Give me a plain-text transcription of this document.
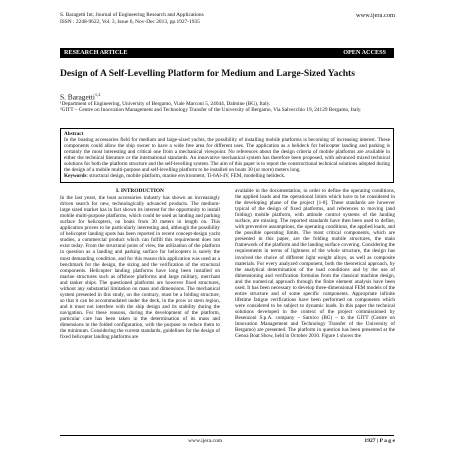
S. Baragetti Int. Journal of Engineering Research and Applications
ISSN : 2248-9622, Vol. 3, Issue 6, Nov-Dec 2013, pp.1927-1935
www.ijera.com
RESEARCH ARTICLE	OPEN ACCESS
Design of A Self-Levelling Platform for Medium and Large-Sized Yachts
S. Baragetti$^{1,2}$
¹Department of Engineering, University of Bergamo, Viale Marconi 5, 24044, Dalmine (BG), Italy.
²GITT – Centre on Innovation Management and Technology Transfer of the University of Bergamo, Via Salvecchio 19, 24129 Bergamo, Italy.
Abstract
In the boating accessories field for medium and large-sized yachts, the possibility of installing mobile platforms is becoming of increasing interest. These components could allow the ship owner to have a wide free area for different uses. The application as a helideck for helicopter landing and parking is certainly the most interesting and critical one from a mechanical viewpoint. No references about the design criteria of mobile platforms are available in either the technical literature or the international standards. An innovative mechanical system has therefore been proposed, with advanced mixed technical solutions for both the platform structure and the self-levelling system. The aim of this paper is to report the constructional technical solutions adopted during the design of a mobile multi-purpose and self-levelling platform to be installed on boats 30 (or more) meters long.
Keywords: structural design, mobile platform, marine environment, Ti-6Al-4V, FEM, modelling helideck.
I. INTRODUCTION
In the last years, the boat accessories industry has shown an increasingly driven search for new, technologically advanced products. The medium-large sized market has in fact shown its interest for the opportunity to install mobile multi-purpose platforms, which could be used as landing and parking surface for helicopters, on boats from 30 meters in length on. This application proves to be particularly interesting and, although the possibility of helicopter landing spots has been reported in recent concept-design yacht studies, a commercial product which can fulfill this requirement does not exist today. From the structural point of view, the utilization of the platform in question as a landing and parking surface for helicopters is surely the most demanding condition, and for this reason this application was used as a benchmark for the design, the sizing and the verification of the structural components. Helicopter landing platforms have long been installed on marine structures such as offshore platforms and large military, merchant and tanker ships. The questioned platforms are however fixed structures, without any substantial limitation on mass and dimensions. The mechanical system presented in this study, on the contrary, must be a folding structure, so that it can be accommodated under the deck, in the prow or stern region, and it must not interfere with the ship design and its stability during the navigation. For these reasons, during the development of the platform, particular care has been taken in the determination of its mass and dimensions in the folded configuration, with the purpose to reduce them to the minimum. Considering the current standards, guidelines for the design of fixed helicopter landing platforms are
available in the documentation, in order to define the operating conditions, the applied loads and the operational limits which have to be considered in the developing phase of the project [1-8]. These standards are however typical of the design of fixed platforms, and references to moving (and folding) mobile platform, with attitude control systems of the landing surface, are missing. The reported standards have then been used to define, with preventive assumptions, the operating conditions, the applied loads, and the possible operating limits. The most critical components, which are presented in this paper, are the folding mobile structures, the main framework of the platform and the landing surface covering. Considering the requirements in terms of lightness of the whole structure, the design has involved the choice of different light weight alloys, as well as composite materials. For every analyzed component, both the theoretical approach, by the analytical determination of the load conditions and by the use of dimensioning and verification formulas from the classical machine design, and the numerical approach through the finite element analysis have been used. It has been necessary to develop three-dimensional FEM models of the entire structure and of some specific components. Appropriate infinite lifetime fatigue verifications have been performed on components which were considered to be subject to dynamic loads. In this paper the technical solutions developed in the context of the project commissioned by Besenzoni S.p.A. company – Sarnico (BG) – to the GITT (Centre on Innovation Management and Technology Transfer of the University of Bergamo) are presented. The platform in question has been presented at the Genoa Boat Show, held in October 2010. Figure 1 shows the
www.ijera.com	1927 | P a g e
